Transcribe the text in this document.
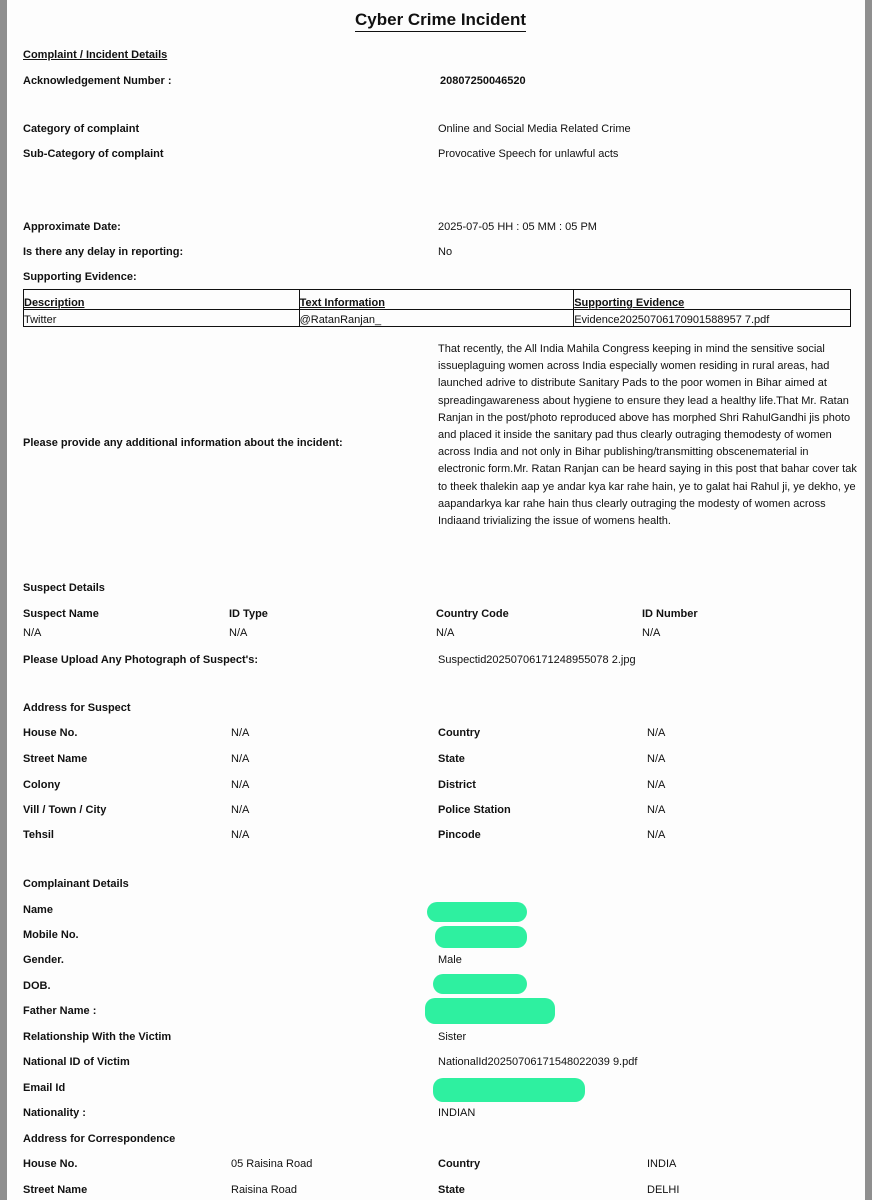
Cyber Crime Incident
Complaint / Incident Details
Acknowledgement Number :	20807250046520
Category of complaint	Online and Social Media Related Crime
Sub-Category of complaint	Provocative Speech for unlawful acts
Approximate Date:	2025-07-05 HH : 05 MM : 05 PM
Is there any delay in reporting:	No
Supporting Evidence:
Description	Text Information	Supporting Evidence
Twitter	@RatanRanjan_	Evidence20250706170901588957 7.pdf
Please provide any additional information about the incident:
That recently, the All India Mahila Congress keeping in mind the sensitive social issueplaguing women across India especially women residing in rural areas, had launched adrive to distribute Sanitary Pads to the poor women in Bihar aimed at spreadingawareness about hygiene to ensure they lead a healthy life.That Mr. Ratan Ranjan in the post/photo reproduced above has morphed Shri RahulGandhi jis photo and placed it inside the sanitary pad thus clearly outraging themodesty of women across India and not only in Bihar publishing/transmitting obscenematerial in electronic form.Mr. Ratan Ranjan can be heard saying in this post that bahar cover tak to theek thalekin aap ye andar kya kar rahe hain, ye to galat hai Rahul ji, ye dekho, ye aapandarkya kar rahe hain thus clearly outraging the modesty of women across Indiaand trivializing the issue of womens health.
Suspect Details
Suspect Name	ID Type	Country Code	ID Number
N/A	N/A	N/A	N/A
Please Upload Any Photograph of Suspect's:	Suspectid20250706171248955078 2.jpg
Address for Suspect
House No.	N/A	Country	N/A
Street Name	N/A	State	N/A
Colony	N/A	District	N/A
Vill / Town / City	N/A	Police Station	N/A
Tehsil	N/A	Pincode	N/A
Complainant Details
Name
Mobile No.
Gender.	Male
DOB.
Father Name :
Relationship With the Victim	Sister
National ID of Victim	NationalId20250706171548022039 9.pdf
Email Id
Nationality :	INDIAN
Address for Correspondence
House No.	05 Raisina Road	Country	INDIA
Street Name	Raisina Road	State	DELHI
